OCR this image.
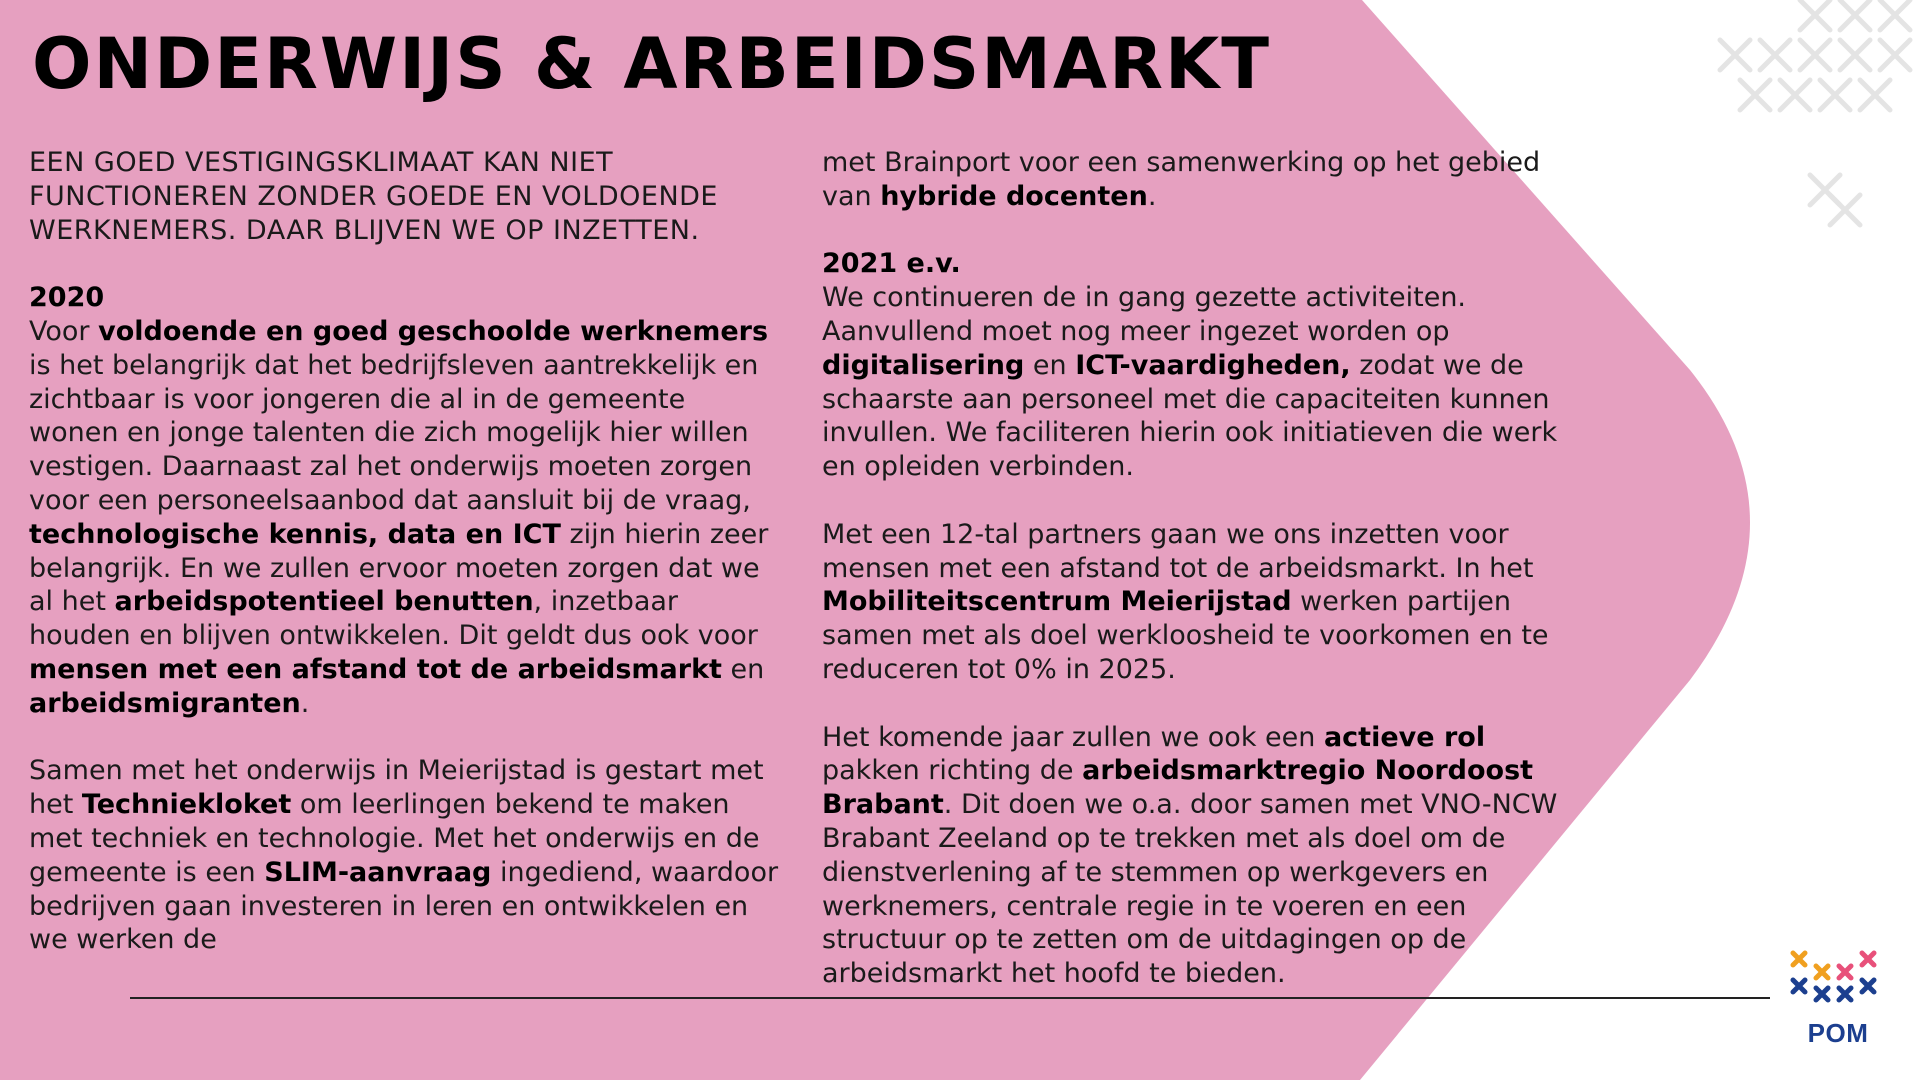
ONDERWIJS & ARBEIDSMARKT

EEN GOED VESTIGINGSKLIMAAT KAN NIET FUNCTIONEREN ZONDER GOEDE EN VOLDOENDE WERKNEMERS. DAAR BLIJVEN WE OP INZETTEN.

2020

Voor voldoende en goed geschoolde werknemers is het belangrijk dat het bedrijfsleven aantrekkelijk en zichtbaar is voor jongeren die al in de gemeente wonen en jonge talenten die zich mogelijk hier willen vestigen. Daarnaast zal het onderwijs moeten zorgen voor een personeelsaanbod dat aansluit bij de vraag, technologische kennis, data en ICT zijn hierin zeer belangrijk. En we zullen ervoor moeten zorgen dat we al het arbeidspotentieel benutten, inzetbaar houden en blijven ontwikkelen. Dit geldt dus ook voor mensen met een afstand tot de arbeidsmarkt en arbeidsmigranten.

Samen met het onderwijs in Meierijstad is gestart met het Techniekloket om leerlingen bekend te maken met techniek en technologie. Met het onderwijs en de gemeente is een SLIM-aanvraag ingediend, waardoor bedrijven gaan investeren in leren en ontwikkelen en we werken de

met Brainport voor een samenwerking op het gebied van hybride docenten.

2021 e.v.

We continueren de in gang gezette activiteiten. Aanvullend moet nog meer ingezet worden op digitalisering en ICT-vaardigheden, zodat we de schaarste aan personeel met die capaciteiten kunnen invullen. We faciliteren hierin ook initiatieven die werk en opleiden verbinden.

Met een 12-tal partners gaan we ons inzetten voor mensen met een afstand tot de arbeidsmarkt. In het Mobiliteitscentrum Meierijstad werken partijen samen met als doel werkloosheid te voorkomen en te reduceren tot 0% in 2025.

Het komende jaar zullen we ook een actieve rol pakken richting de arbeidsmarktregio Noordoost Brabant. Dit doen we o.a. door samen met VNO-NCW Brabant Zeeland op te trekken met als doel om de dienstverlening af te stemmen op werkgevers en werknemers, centrale regie in te voeren en een structuur op te zetten om de uitdagingen op de arbeidsmarkt het hoofd te bieden.

POM
